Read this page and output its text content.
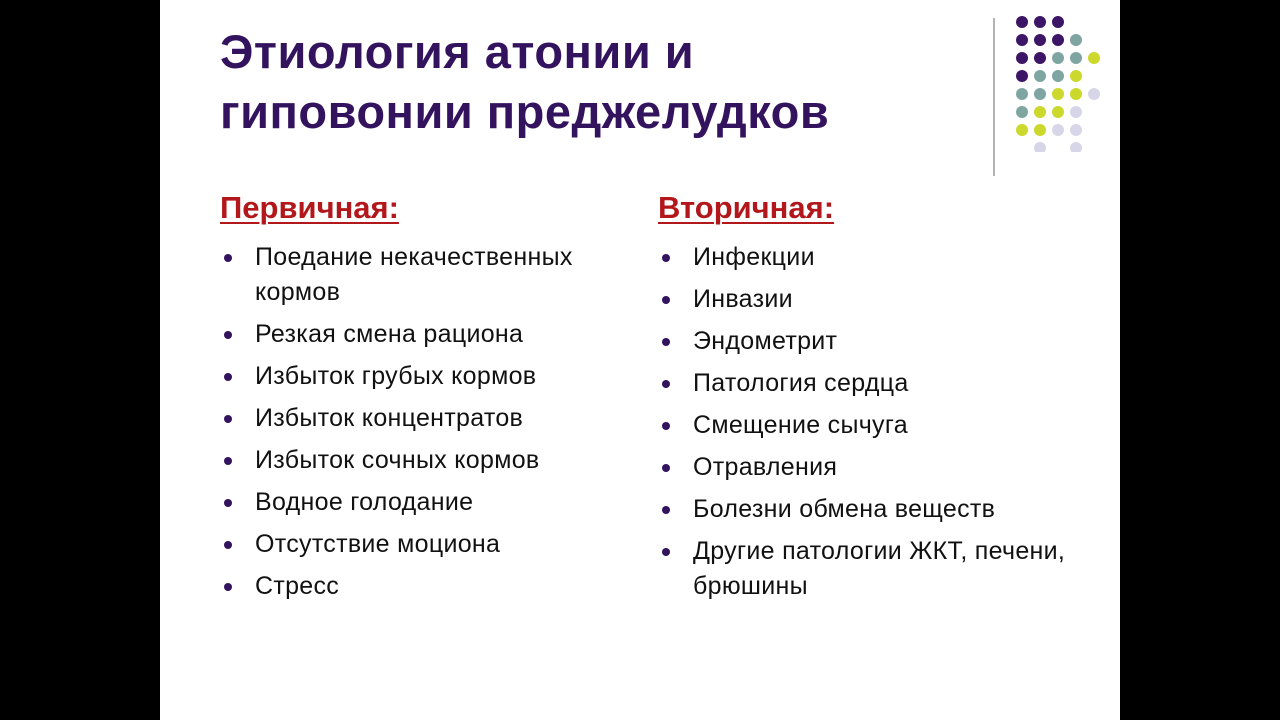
Этиология атонии и
гиповонии преджелудков
Первичная:
Поедание некачественных кормов
Резкая смена рациона
Избыток грубых кормов
Избыток концентратов
Избыток сочных кормов
Водное голодание
Отсутствие моциона
Стресс
Вторичная:
Инфекции
Инвазии
Эндометрит
Патология сердца
Смещение сычуга
Отравления
Болезни обмена веществ
Другие патологии ЖКТ, печени, брюшины
